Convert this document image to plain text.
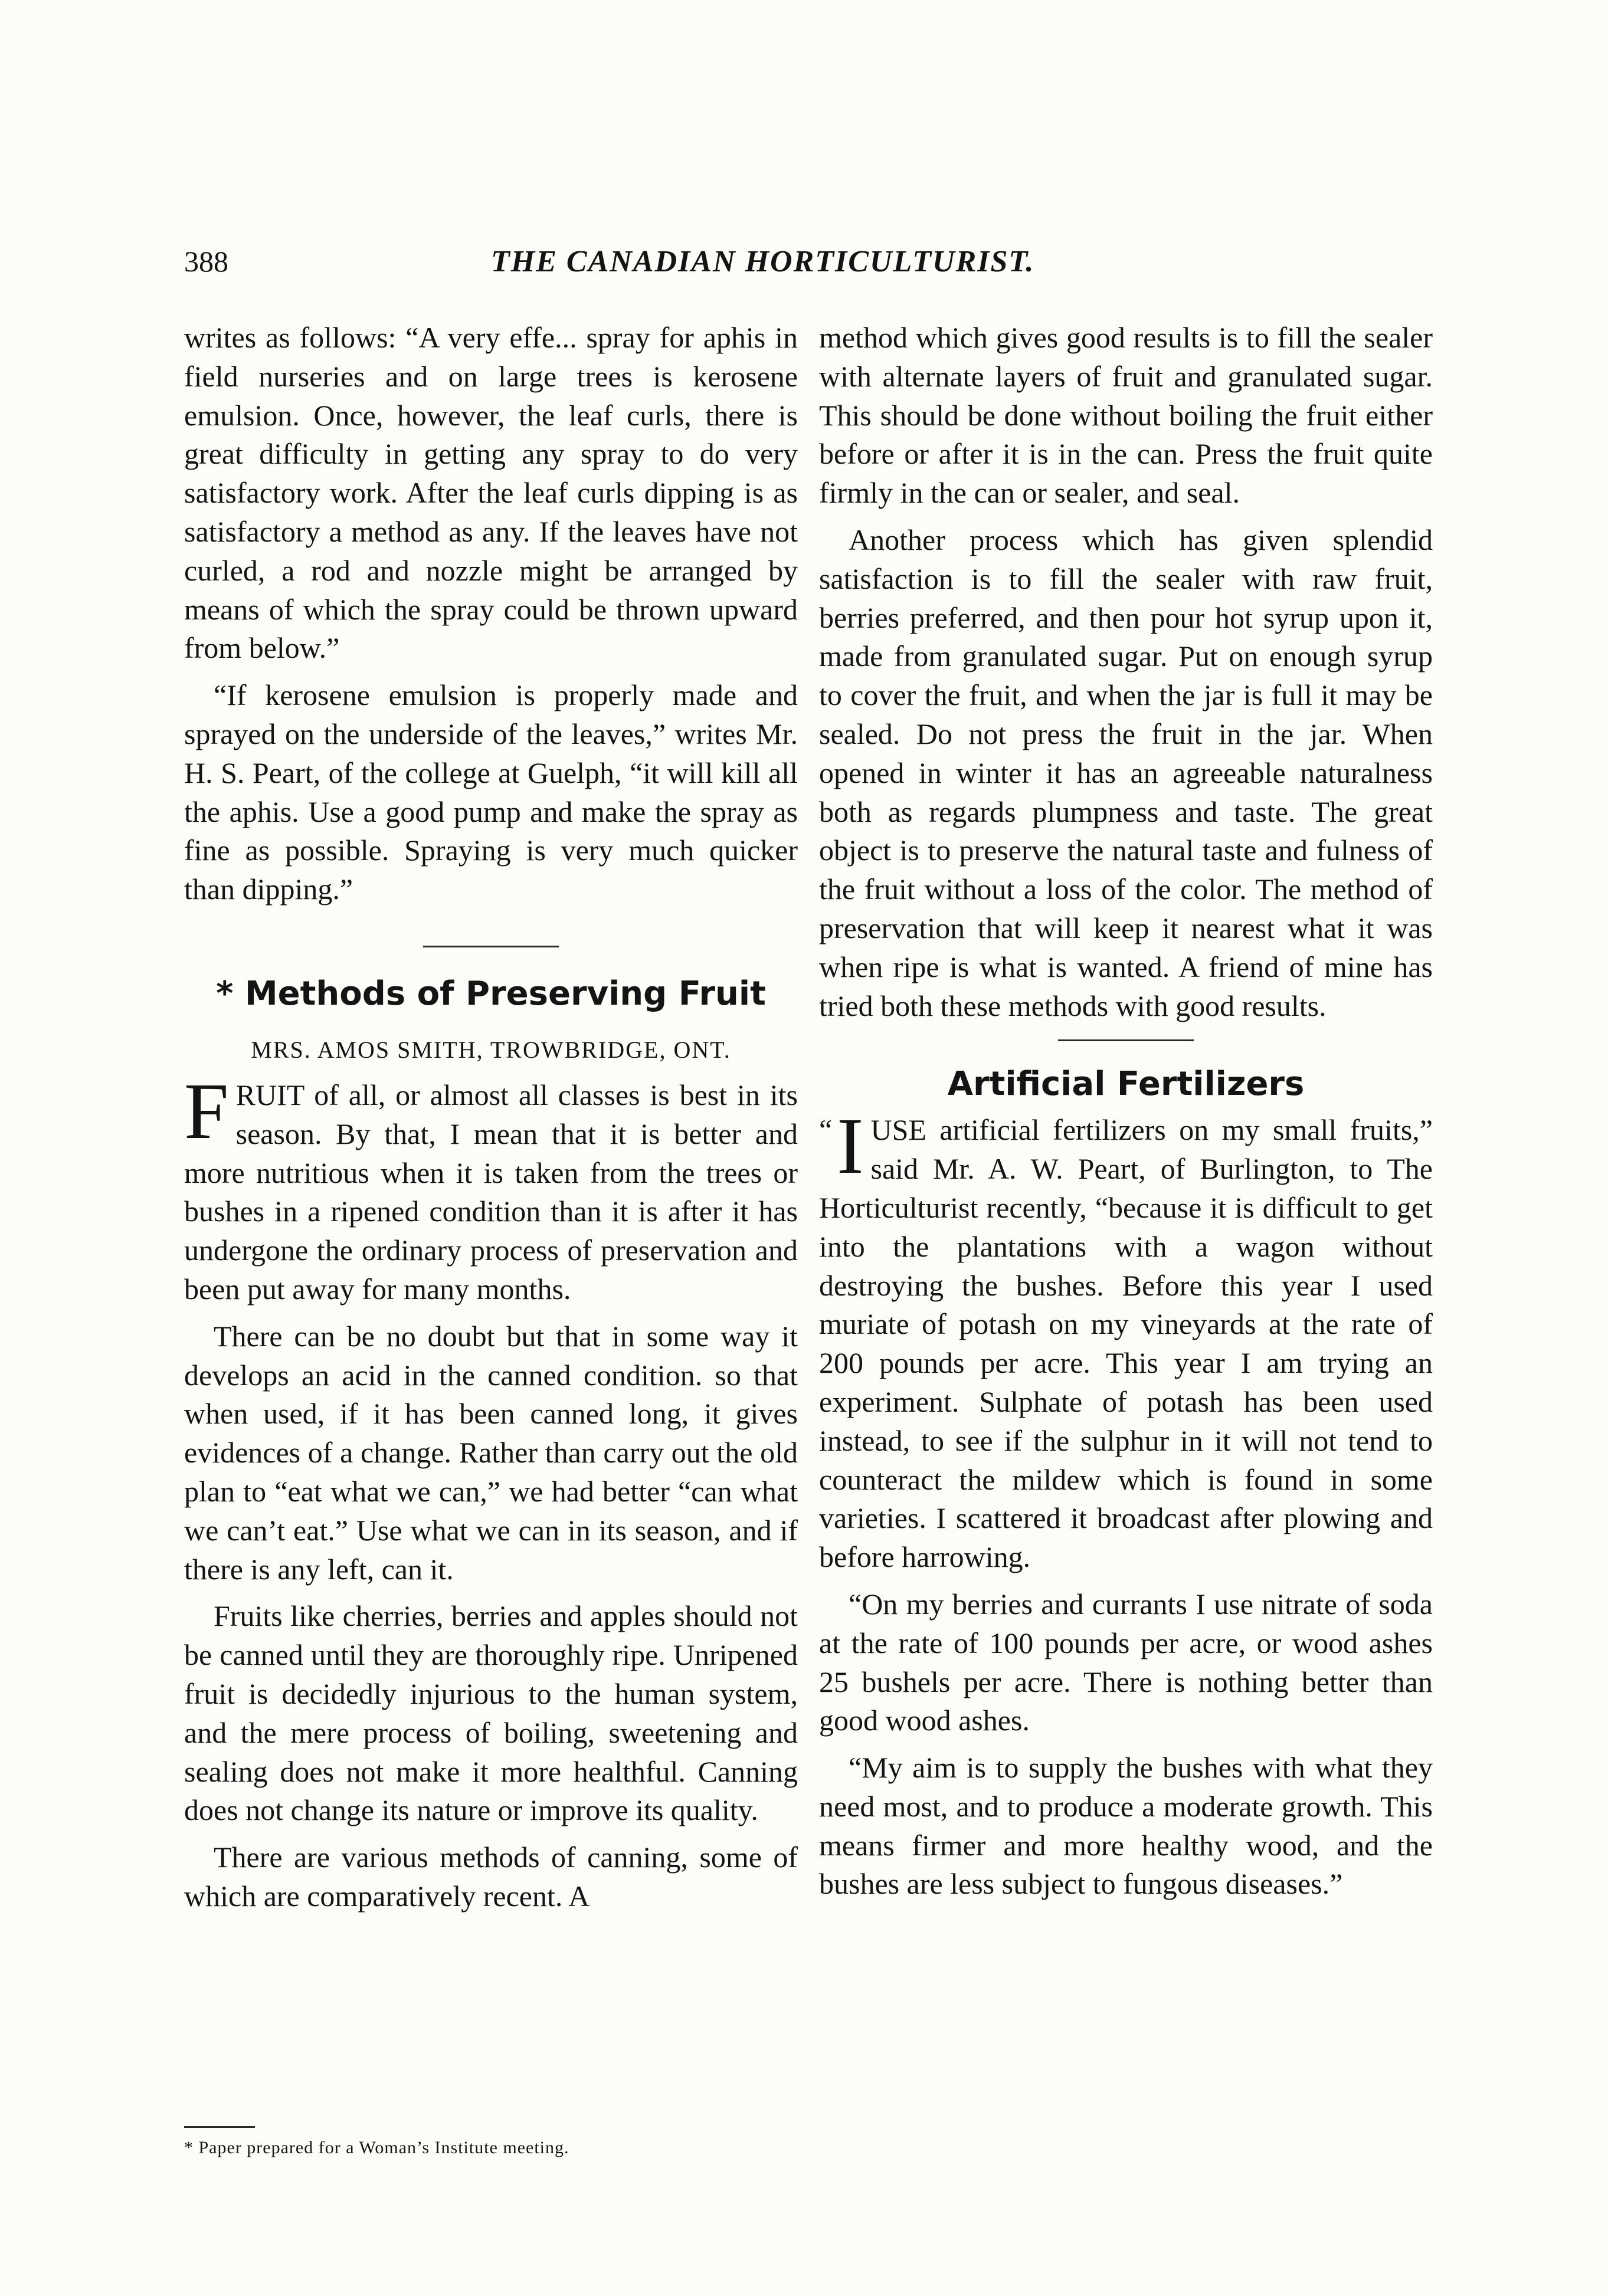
388	THE CANADIAN HORTICULTURIST.

writes as follows: “A very effe... spray for aphis in field nurseries and on large trees is kerosene emulsion. Once, however, the leaf curls, there is great difficulty in getting any spray to do very satisfactory work. After the leaf curls dipping is as satisfactory a method as any. If the leaves have not curled, a rod and nozzle might be arranged by means of which the spray could be thrown upward from below.”

“If kerosene emulsion is properly made and sprayed on the underside of the leaves,” writes Mr. H. S. Peart, of the college at Guelph, “it will kill all the aphis. Use a good pump and make the spray as fine as possible. Spraying is very much quicker than dipping.”

* Methods of Preserving Fruit
MRS. AMOS SMITH, TROWBRIDGE, ONT.

FRUIT of all, or almost all classes is best in its season. By that, I mean that it is better and more nutritious when it is taken from the trees or bushes in a ripened condition than it is after it has undergone the ordinary process of preservation and been put away for many months.

There can be no doubt but that in some way it develops an acid in the canned condition. so that when used, if it has been canned long, it gives evidences of a change. Rather than carry out the old plan to “eat what we can,” we had better “can what we can’t eat.” Use what we can in its season, and if there is any left, can it.

Fruits like cherries, berries and apples should not be canned until they are thoroughly ripe. Unripened fruit is decidedly injurious to the human system, and the mere process of boiling, sweetening and sealing does not make it more healthful. Canning does not change its nature or improve its quality.

There are various methods of canning, some of which are comparatively recent. A

method which gives good results is to fill the sealer with alternate layers of fruit and granulated sugar. This should be done without boiling the fruit either before or after it is in the can. Press the fruit quite firmly in the can or sealer, and seal.

Another process which has given splendid satisfaction is to fill the sealer with raw fruit, berries preferred, and then pour hot syrup upon it, made from granulated sugar. Put on enough syrup to cover the fruit, and when the jar is full it may be sealed. Do not press the fruit in the jar. When opened in winter it has an agreeable naturalness both as regards plumpness and taste. The great object is to preserve the natural taste and fulness of the fruit without a loss of the color. The method of preservation that will keep it nearest what it was when ripe is what is wanted. A friend of mine has tried both these methods with good results.

Artificial Fertilizers

“ I USE artificial fertilizers on my small fruits,” said Mr. A. W. Peart, of Burlington, to The Horticulturist recently, “because it is difficult to get into the plantations with a wagon without destroying the bushes. Before this year I used muriate of potash on my vineyards at the rate of 200 pounds per acre. This year I am trying an experiment. Sulphate of potash has been used instead, to see if the sulphur in it will not tend to counteract the mildew which is found in some varieties. I scattered it broadcast after plowing and before harrowing.

“On my berries and currants I use nitrate of soda at the rate of 100 pounds per acre, or wood ashes 25 bushels per acre. There is nothing better than good wood ashes.

“My aim is to supply the bushes with what they need most, and to produce a moderate growth. This means firmer and more healthy wood, and the bushes are less subject to fungous diseases.”

* Paper prepared for a Woman’s Institute meeting.
